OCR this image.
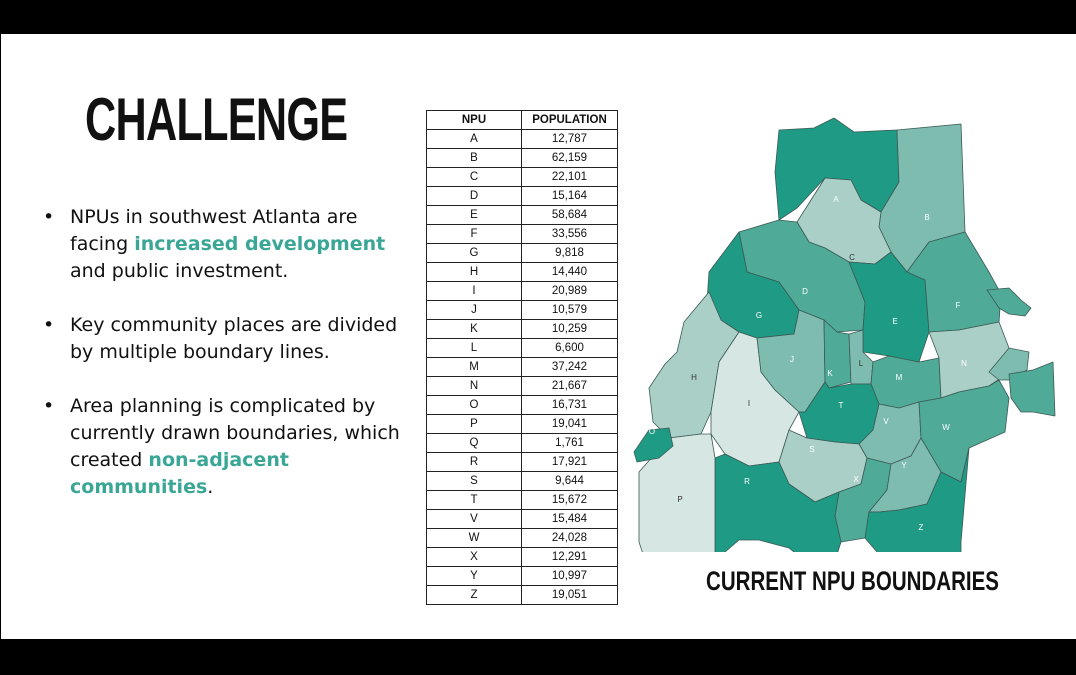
CHALLENGE
• NPUs in southwest Atlanta are facing increased development and public investment.
• Key community places are divided by multiple boundary lines.
• Area planning is complicated by currently drawn boundaries, which created non-adjacent communities.
NPU	POPULATION
A	12,787
B	62,159
C	22,101
D	15,164
E	58,684
F	33,556
G	9,818
H	14,440
I	20,989
J	10,579
K	10,259
L	6,600
M	37,242
N	21,667
O	16,731
P	19,041
Q	1,761
R	17,921
S	9,644
T	15,672
V	15,484
W	24,028
X	12,291
Y	10,997
Z	19,051
A
B
C
D
E
F
G
H
I
J
K
L
M
N
O
P
R
S
T
V
W
X
Y
Z

CURRENT NPU BOUNDARIES
